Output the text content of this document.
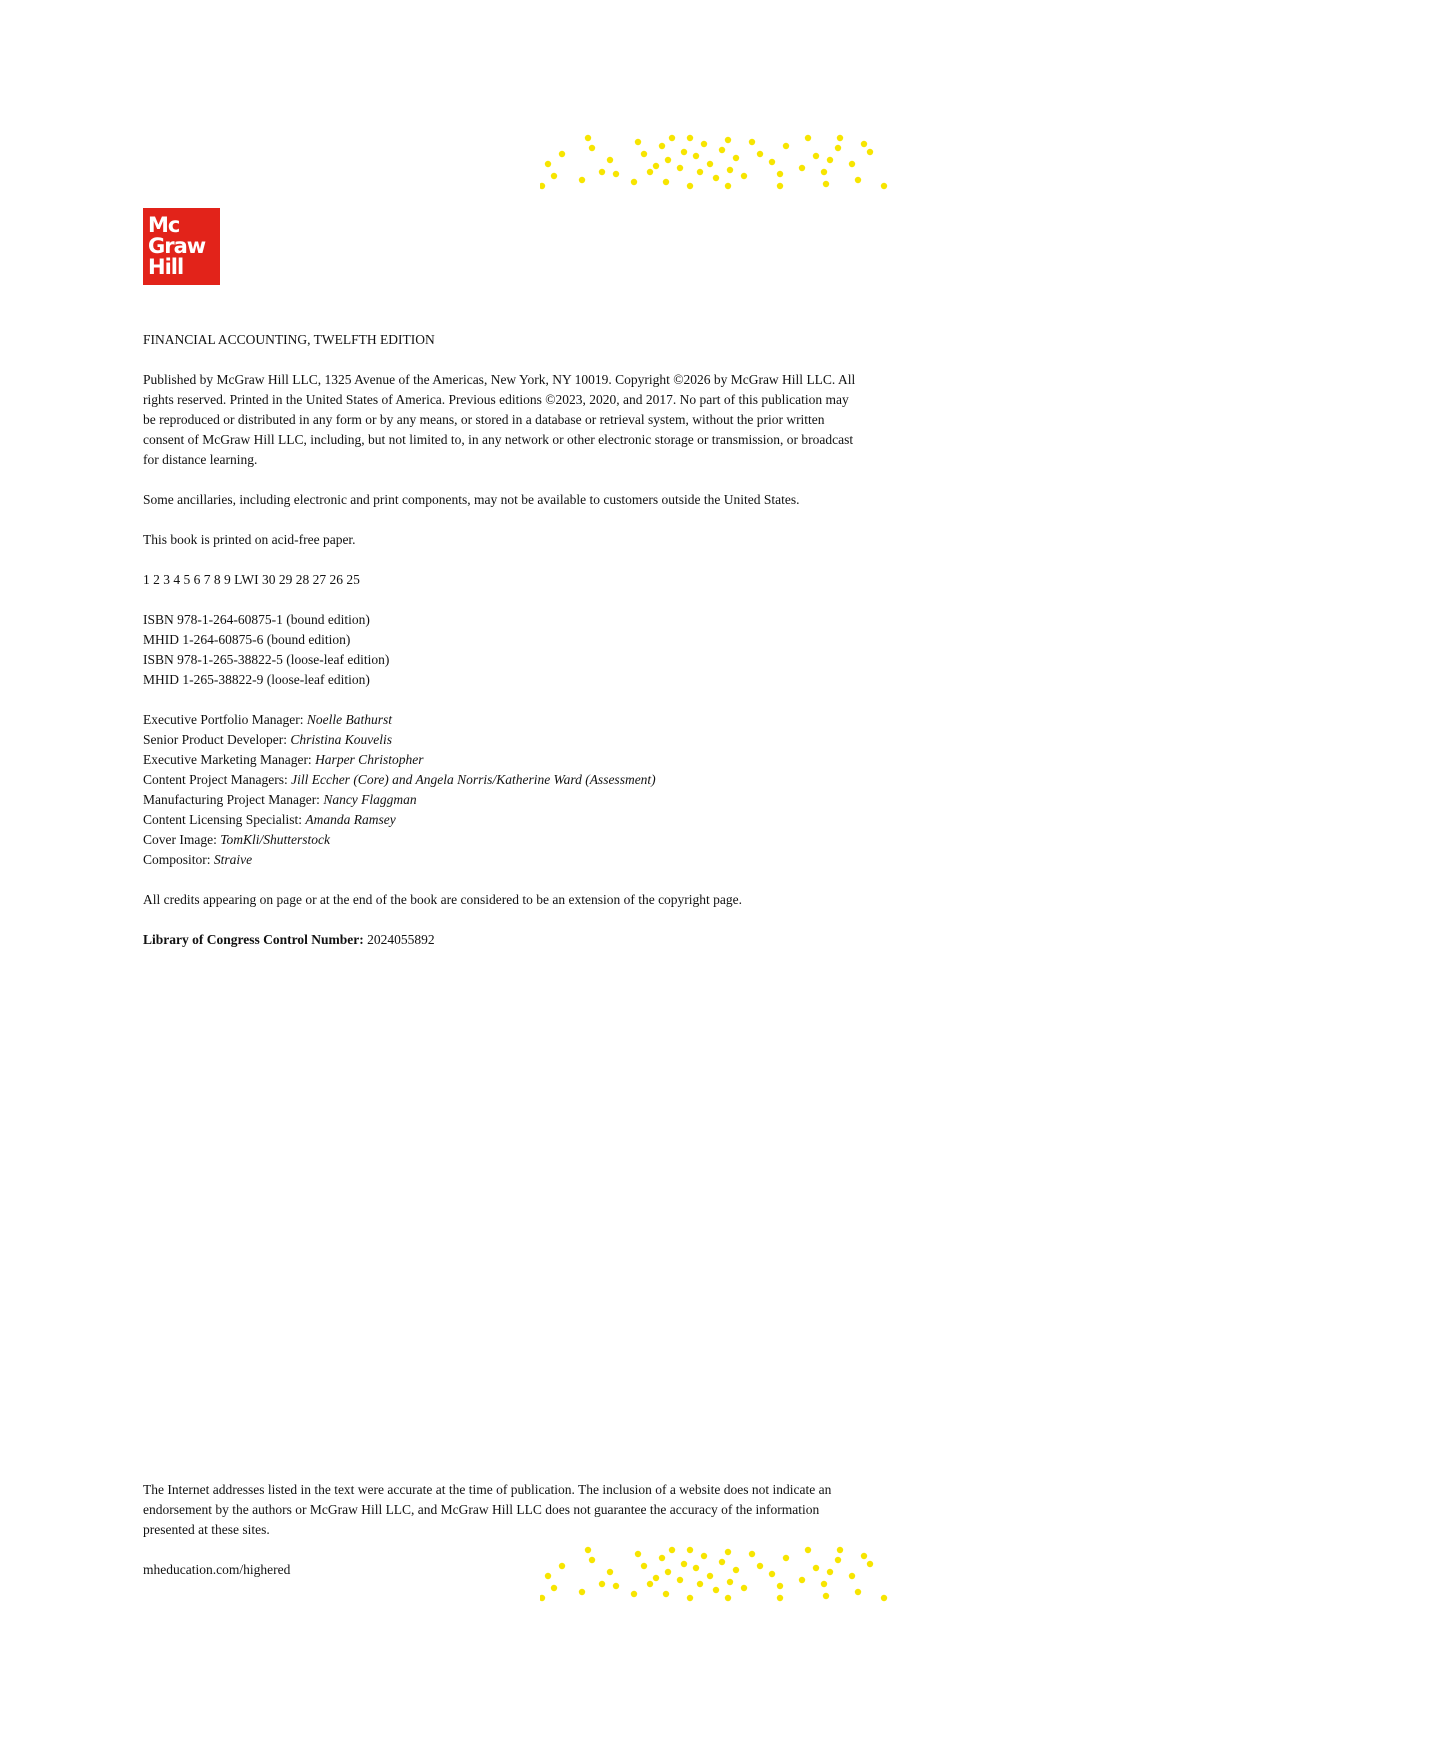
Mc
Graw
Hill

FINANCIAL ACCOUNTING, TWELFTH EDITION

Published by McGraw Hill LLC, 1325 Avenue of the Americas, New York, NY 10019. Copyright ©2026 by McGraw Hill LLC. All rights reserved. Printed in the United States of America. Previous editions ©2023, 2020, and 2017. No part of this publication may be reproduced or distributed in any form or by any means, or stored in a database or retrieval system, without the prior written consent of McGraw Hill LLC, including, but not limited to, in any network or other electronic storage or transmission, or broadcast for distance learning.

Some ancillaries, including electronic and print components, may not be available to customers outside the United States.

This book is printed on acid-free paper.

1 2 3 4 5 6 7 8 9 LWI 30 29 28 27 26 25

ISBN 978-1-264-60875-1 (bound edition)

MHID 1-264-60875-6 (bound edition)

ISBN 978-1-265-38822-5 (loose-leaf edition)

MHID 1-265-38822-9 (loose-leaf edition)

Executive Portfolio Manager: Noelle Bathurst

Senior Product Developer: Christina Kouvelis

Executive Marketing Manager: Harper Christopher

Content Project Managers: Jill Eccher (Core) and Angela Norris/Katherine Ward (Assessment)

Manufacturing Project Manager: Nancy Flaggman

Content Licensing Specialist: Amanda Ramsey

Cover Image: TomKli/Shutterstock

Compositor: Straive

All credits appearing on page or at the end of the book are considered to be an extension of the copyright page.

Library of Congress Control Number: 2024055892

The Internet addresses listed in the text were accurate at the time of publication. The inclusion of a website does not indicate an endorsement by the authors or McGraw Hill LLC, and McGraw Hill LLC does not guarantee the accuracy of the information presented at these sites.

mheducation.com/highered
